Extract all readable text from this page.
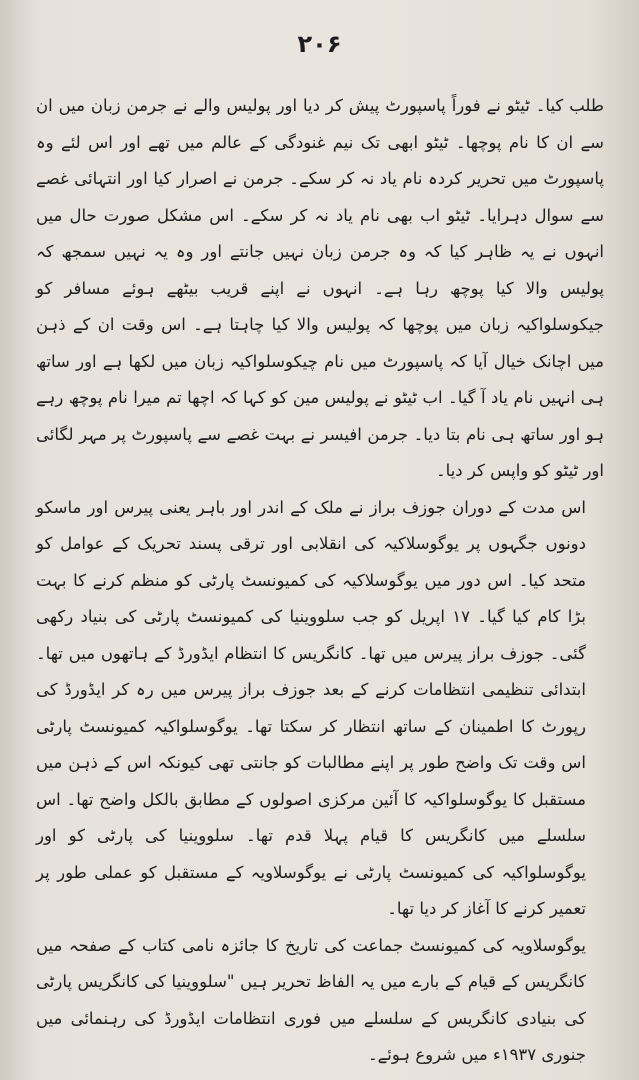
۲۰۶

طلب کیا۔ ٹیٹو نے فوراً پاسپورٹ پیش کر دیا اور پولیس والے نے جرمن زبان میں ان سے ان کا نام پوچھا۔ ٹیٹو ابھی تک نیم غنودگی کے عالم میں تھے اور اس لئے وہ پاسپورٹ میں تحریر کردہ نام یاد نہ کر سکے۔ جرمن نے اصرار کیا اور انتہائی غصے سے سوال دہرایا۔ ٹیٹو اب بھی نام یاد نہ کر سکے۔ اس مشکل صورت حال میں انہوں نے یہ ظاہر کیا کہ وہ جرمن زبان نہیں جانتے اور وہ یہ نہیں سمجھ کہ پولیس والا کیا پوچھ رہا ہے۔ انہوں نے اپنے قریب بیٹھے ہوئے مسافر کو جیکوسلواکیہ زبان میں پوچھا کہ پولیس والا کیا چاہتا ہے۔ اس وقت ان کے ذہن میں اچانک خیال آیا کہ پاسپورٹ میں نام چیکوسلواکیہ زبان میں لکھا ہے اور ساتھ ہی انہیں نام یاد آ گیا۔ اب ٹیٹو نے پولیس مین کو کہا کہ اچھا تم میرا نام پوچھ رہے ہو اور ساتھ ہی نام بتا دیا۔ جرمن افیسر نے بہت غصے سے پاسپورٹ پر مہر لگائی اور ٹیٹو کو واپس کر دیا۔

اس مدت کے دوران جوزف براز نے ملک کے اندر اور باہر یعنی پیرس اور ماسکو دونوں جگہوں پر یوگوسلاکیہ کی انقلابی اور ترقی پسند تحریک کے عوامل کو متحد کیا۔ اس دور میں یوگوسلاکیہ کی کمیونسٹ پارٹی کو منظم کرنے کا بہت بڑا کام کیا گیا۔ ۱۷ اپریل کو جب سلووینیا کی کمیونسٹ پارٹی کی بنیاد رکھی گئی۔ جوزف براز پیرس میں تھا۔ کانگریس کا انتظام ایڈورڈ کے ہاتھوں میں تھا۔ ابتدائی تنظیمی انتظامات کرنے کے بعد جوزف براز پیرس میں رہ کر ایڈورڈ کی رپورٹ کا اطمینان کے ساتھ انتظار کر سکتا تھا۔ یوگوسلواکیہ کمیونسٹ پارٹی اس وقت تک واضح طور پر اپنے مطالبات کو جانتی تھی کیونکہ اس کے ذہن میں مستقبل کا یوگوسلواکیہ کا آئین مرکزی اصولوں کے مطابق بالکل واضح تھا۔ اس سلسلے میں کانگریس کا قیام پہلا قدم تھا۔ سلووینیا کی پارٹی کو اور یوگوسلواکیہ کی کمیونسٹ پارٹی نے یوگوسلاویہ کے مستقبل کو عملی طور پر تعمیر کرنے کا آغاز کر دیا تھا۔

یوگوسلاویہ کی کمیونسٹ جماعت کی تاریخ کا جائزہ نامی کتاب کے صفحہ میں کانگریس کے قیام کے بارے میں یہ الفاظ تحریر ہیں "سلووینیا کی کانگریس پارٹی کی بنیادی کانگریس کے سلسلے میں فوری انتظامات ایڈورڈ کی رہنمائی میں جنوری ۱۹۳۷ء میں شروع ہوئے۔
